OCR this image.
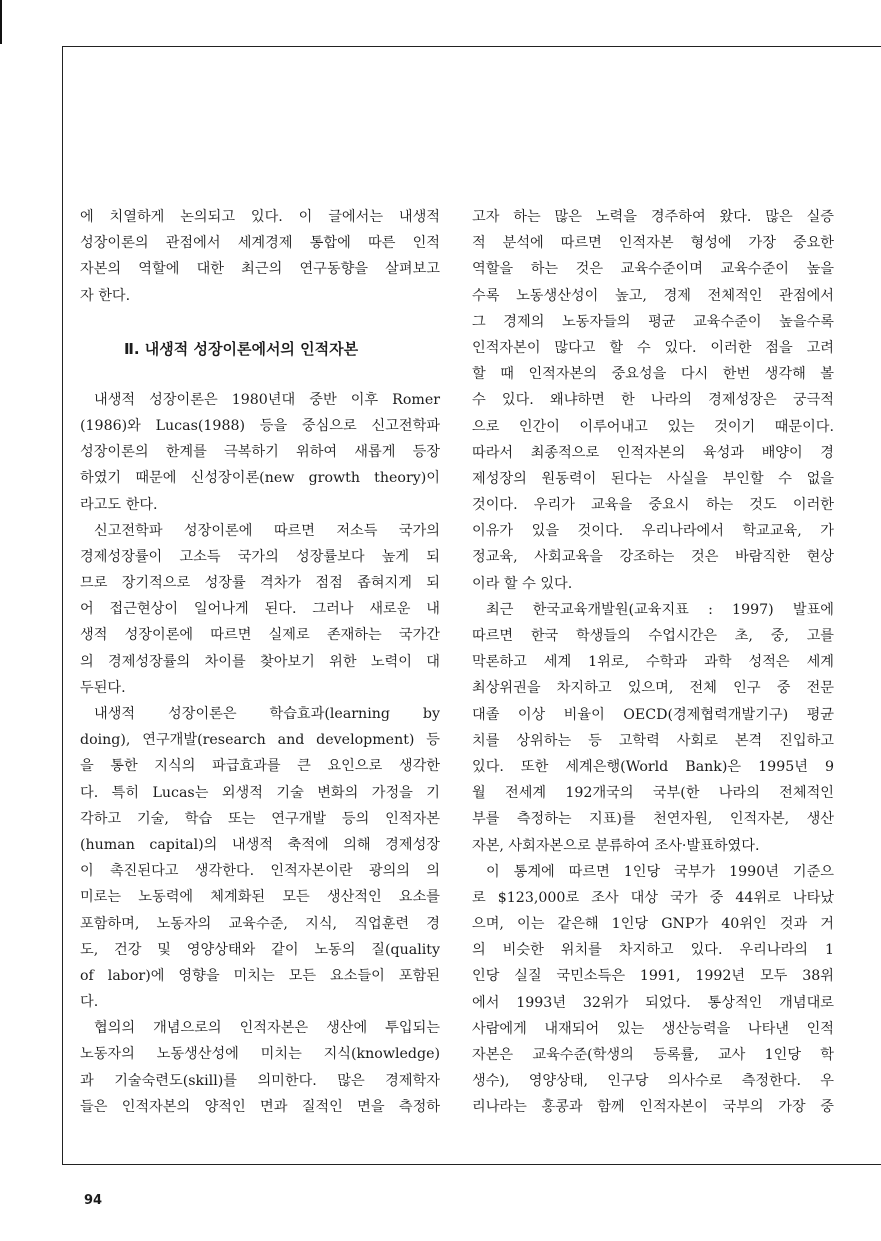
에 치열하게 논의되고 있다. 이 글에서는 내생적
성장이론의 관점에서 세계경제 통합에 따른 인적
자본의 역할에 대한 최근의 연구동향을 살펴보고
자 한다.
Ⅱ. 내생적 성장이론에서의 인적자본
내생적 성장이론은 1980년대 중반 이후 Romer
(1986)와 Lucas(1988) 등을 중심으로 신고전학파
성장이론의 한계를 극복하기 위하여 새롭게 등장
하였기 때문에 신성장이론(new growth theory)이
라고도 한다.
신고전학파 성장이론에 따르면 저소득 국가의
경제성장률이 고소득 국가의 성장률보다 높게 되
므로 장기적으로 성장률 격차가 점점 좁혀지게 되
어 접근현상이 일어나게 된다. 그러나 새로운 내
생적 성장이론에 따르면 실제로 존재하는 국가간
의 경제성장률의 차이를 찾아보기 위한 노력이 대
두된다.
내생적 성장이론은 학습효과(learning by
doing), 연구개발(research and development) 등
을 통한 지식의 파급효과를 큰 요인으로 생각한
다. 특히 Lucas는 외생적 기술 변화의 가정을 기
각하고 기술, 학습 또는 연구개발 등의 인적자본
(human capital)의 내생적 축적에 의해 경제성장
이 촉진된다고 생각한다. 인적자본이란 광의의 의
미로는 노동력에 체계화된 모든 생산적인 요소를
포함하며, 노동자의 교육수준, 지식, 직업훈련 경
도, 건강 및 영양상태와 같이 노동의 질(quality
of labor)에 영향을 미치는 모든 요소들이 포함된
다.
협의의 개념으로의 인적자본은 생산에 투입되는
노동자의 노동생산성에 미치는 지식(knowledge)
과 기술숙련도(skill)를 의미한다. 많은 경제학자
들은 인적자본의 양적인 면과 질적인 면을 측정하
고자 하는 많은 노력을 경주하여 왔다. 많은 실증
적 분석에 따르면 인적자본 형성에 가장 중요한
역할을 하는 것은 교육수준이며 교육수준이 높을
수록 노동생산성이 높고, 경제 전체적인 관점에서
그 경제의 노동자들의 평균 교육수준이 높을수록
인적자본이 많다고 할 수 있다. 이러한 점을 고려
할 때 인적자본의 중요성을 다시 한번 생각해 볼
수 있다. 왜냐하면 한 나라의 경제성장은 궁극적
으로 인간이 이루어내고 있는 것이기 때문이다.
따라서 최종적으로 인적자본의 육성과 배양이 경
제성장의 원동력이 된다는 사실을 부인할 수 없을
것이다. 우리가 교육을 중요시 하는 것도 이러한
이유가 있을 것이다. 우리나라에서 학교교육, 가
정교육, 사회교육을 강조하는 것은 바람직한 현상
이라 할 수 있다.
최근 한국교육개발원(교육지표 : 1997) 발표에
따르면 한국 학생들의 수업시간은 초, 중, 고를
막론하고 세계 1위로, 수학과 과학 성적은 세계
최상위권을 차지하고 있으며, 전체 인구 중 전문
대졸 이상 비율이 OECD(경제협력개발기구) 평균
치를 상위하는 등 고학력 사회로 본격 진입하고
있다. 또한 세계은행(World Bank)은 1995년 9
월 전세계 192개국의 국부(한 나라의 전체적인
부를 측정하는 지표)를 천연자원, 인적자본, 생산
자본, 사회자본으로 분류하여 조사·발표하였다.
이 통계에 따르면 1인당 국부가 1990년 기준으
로 $123,000로 조사 대상 국가 중 44위로 나타났
으며, 이는 같은해 1인당 GNP가 40위인 것과 거
의 비슷한 위치를 차지하고 있다. 우리나라의 1
인당 실질 국민소득은 1991, 1992년 모두 38위
에서 1993년 32위가 되었다. 통상적인 개념대로
사람에게 내재되어 있는 생산능력을 나타낸 인적
자본은 교육수준(학생의 등록률, 교사 1인당 학
생수), 영양상태, 인구당 의사수로 측정한다. 우
리나라는 홍콩과 함께 인적자본이 국부의 가장 중
94
